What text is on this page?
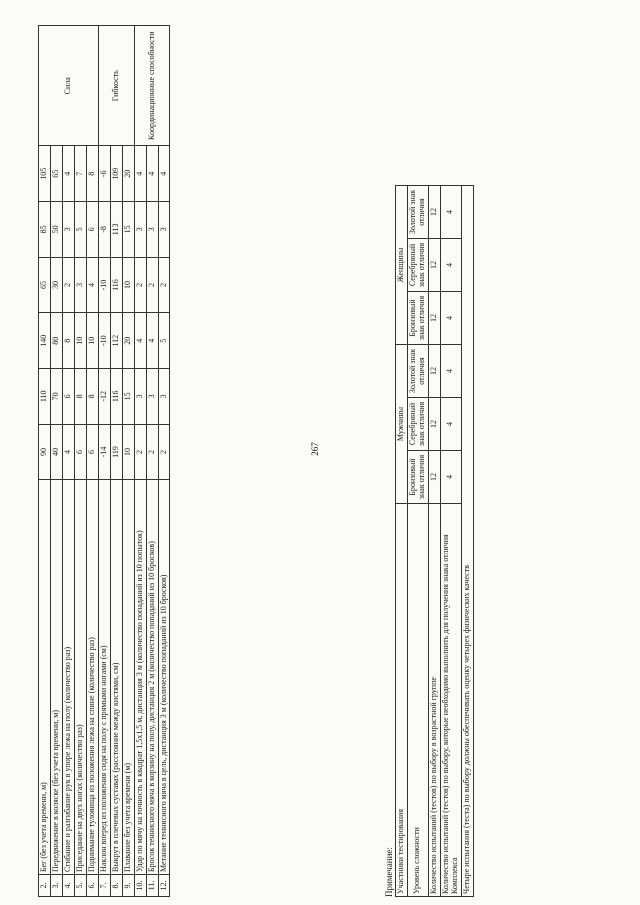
267
2.	Бег (без учета времени, м)	90	110	140	65	85	105	Сила
3.	Передвижение в коляске (без учета времени, м)	40	70	80	30	50	65	
4.	Сгибание и разгибание рук в упоре лежа на полу (количество раз)	4	6	8	2	3	4	
5.	Приседание на двух ногах (количество раз)	6	8	10	3	5	7	
6.	Поднимание туловища из положения лежа на спине (количество раз)	6	8	10	4	6	8	
7.	Наклон вперед из положения сидя на полу с прямыми ногами (см)	-14	-12	-10	-10	-8	-6	Гибкость
8.	Выкрут в плечевых суставах (расстояние между кистями, см)	119	116	112	116	113	109	
9.	Плавание без учета времени (м)	10	15	20	10	15	20	
10.	Удар по мячу на точность в квадрат 1,5х1,5 м, дистанция 3 м (количество попаданий из 10 попыток)	2	3	4	2	3	4	Координационные способности
11.	Бросок теннисного мяча в корзину на полу, дистанция 2 м (количество попаданий из 10 бросков)	2	3	4	2	3	4	
12.	Метание теннисного мяча в цель, дистанция 3 м (количество попаданий из 10 бросков)	2	3	5	2	3	4	
Примечание: Участники тестирования	Мужчины			Женщины		

Уровень сложности	Бронзовый знак отличия	Серебряный знак отличия	Золотой знак отличия	Бронзовый знак отличия	Серебряный знак отличия	Золотой знак отличия
Количество испытаний (тестов) по выбору в возрастной группе	12	12	12	12	12	12
Количество испытаний (тестов) по выбору, которые необходимо выполнить для получения знака отличия Комплекса	4	4	4	4	4	4
Четыре испытания (теста) по выбору должны обеспечивать оценку четырех физических качеств						
